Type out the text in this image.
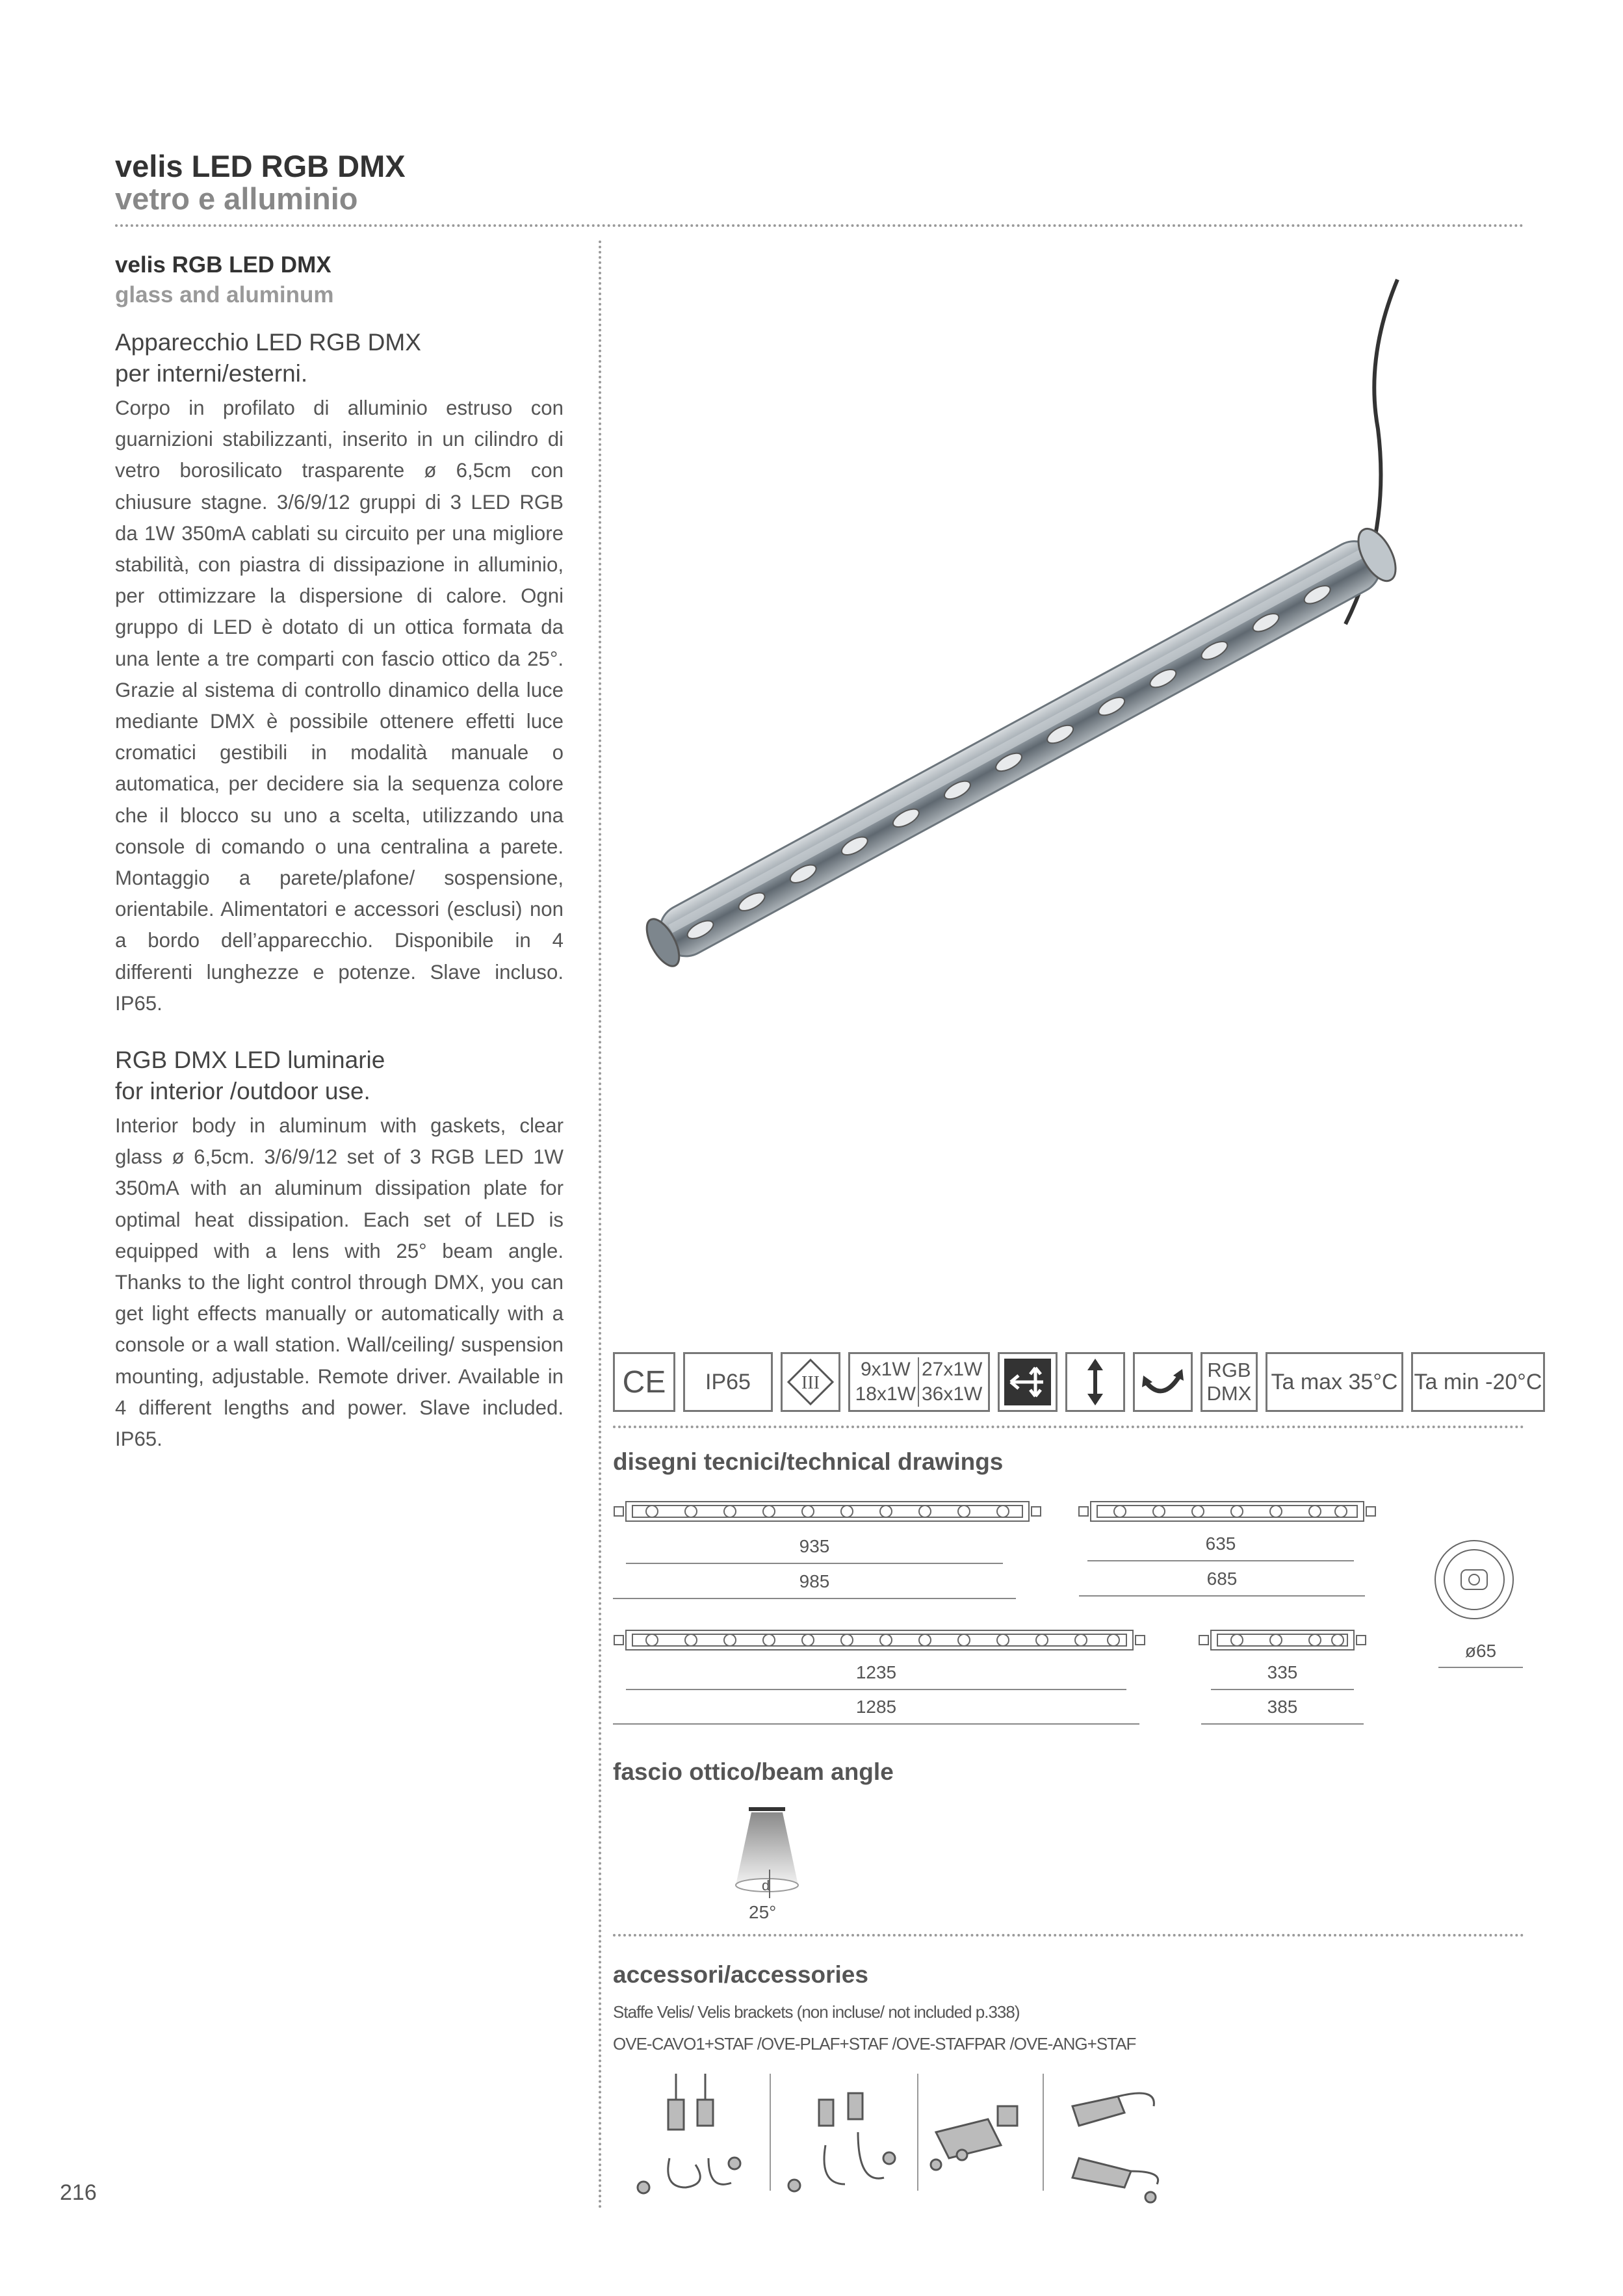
velis LED RGB DMX
vetro e alluminio
velis RGB LED DMX
glass and aluminum
Apparecchio LED RGB DMX
per interni/esterni.
Corpo in profilato di alluminio estruso con guarnizioni stabilizzanti, inserito in un cilindro di vetro borosilicato trasparente ø 6,5cm con chiusure stagne. 3/6/9/12 gruppi di 3 LED RGB da 1W 350mA cablati su circuito per una migliore stabilità, con piastra di dissipazione in alluminio, per ottimizzare la dispersione di calore. Ogni gruppo di LED è dotato di un ottica formata da una lente a tre comparti con fascio ottico da 25°. Grazie al sistema di controllo dinamico della luce mediante DMX è possibile ottenere effetti luce cromatici gestibili in modalità manuale o automatica, per decidere sia la sequenza colore che il blocco su uno a scelta, utilizzando una console di comando o una centralina a parete. Montaggio a parete/plafone/ sospensione, orientabile. Alimentatori e accessori (esclusi) non a bordo dell’apparecchio. Disponibile in 4 differenti lunghezze e potenze. Slave incluso. IP65.
RGB DMX LED luminarie
for interior /outdoor use.
Interior body in aluminum with gaskets, clear glass ø 6,5cm. 3/6/9/12 set of 3 RGB LED 1W 350mA with an aluminum dissipation plate for optimal heat dissipation. Each set of LED is equipped with a lens with 25° beam angle. Thanks to the light control through DMX, you can get light effects manually or automatically with a console or a wall station. Wall/ceiling/ suspension mounting, adjustable. Remote driver. Available in 4 different lengths and power. Slave included. IP65.
216
CE	IP65	III
9x1W 27x1W
18x1W 36x1W
RGB
DMX Ta max 35°C Ta min -20°C
disegni tecnici/technical drawings
935
985
635
685
1235
1285
335
385
ø65
fascio ottico/beam angle
d
25°
accessori/accessories
Staffe Velis/ Velis brackets (non incluse/ not included p.338)
OVE-CAVO1+STAF /OVE-PLAF+STAF /OVE-STAFPAR /OVE-ANG+STAF
